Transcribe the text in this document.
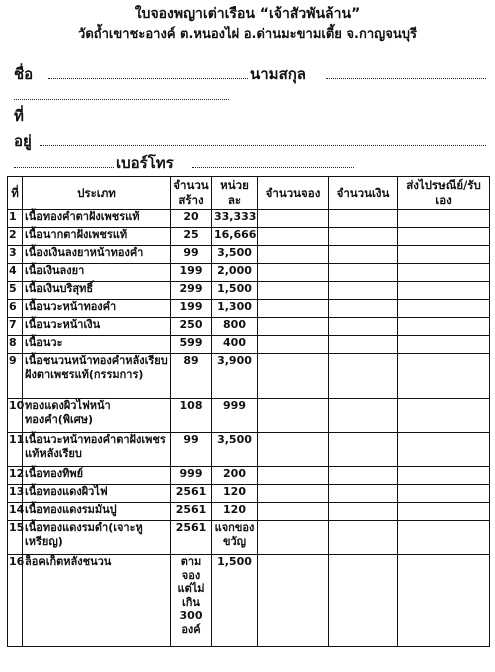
ใบจองพญาเต่าเรือน “เจ้าสัวพันล้าน”
วัดถ้ำเขาชะอางค์ ต.หนองไผ่ อ.ด่านมะขามเตี้ย จ.กาญจนบุรี
ชื่อ	นามสกุล
ที่
อยู่
เบอร์โทร
ที่	ประเภท	จำนวนสร้าง	หน่วยละ	จำนวนจอง	จำนวนเงิน	ส่งไปรษณีย์/รับเอง
1	เนื้อทองคำตาฝังเพชรแท้	20	33,333			
2	เนื้อนากตาฝังเพชรแท้	25	16,666			
3	เนื้องเงินลงยาหน้าทองคำ	99	3,500			
4	เนื้อเงินลงยา	199	2,000			
5	เนื้อเงินบริสุทธิ์	299	1,500			
6	เนื้อนวะหน้าทองคำ	199	1,300			
7	เนื้อนวะหน้าเงิน	250	800			
8	เนื้อนวะ	599	400			
9	เนื้อชนวนหน้าทองคำหลังเรียบ ฝังตาเพชรแท้(กรรมการ)	89	3,900			
10	ทองแดงผิวไฟหน้าทองคำ(พิเศษ)	108	999			
11	เนื้อนวะหน้าทองคำตาฝังเพชรแท้หลังเรียบ	99	3,500			
12	เนื้อทองทิพย์	999	200			
13	เนื้อทองแดงผิวไฟ	2561	120			
14	เนื้อทองแดงรมมันปู	2561	120			
15	เนื้อทองแดงรมดำ(เจาะหูเหรียญ)	2561	แจกของขวัญ			
16	ล็อคเก็ตหลังชนวน	ตามจอง แต่ไม่เกิน 300 องค์	1,500			
